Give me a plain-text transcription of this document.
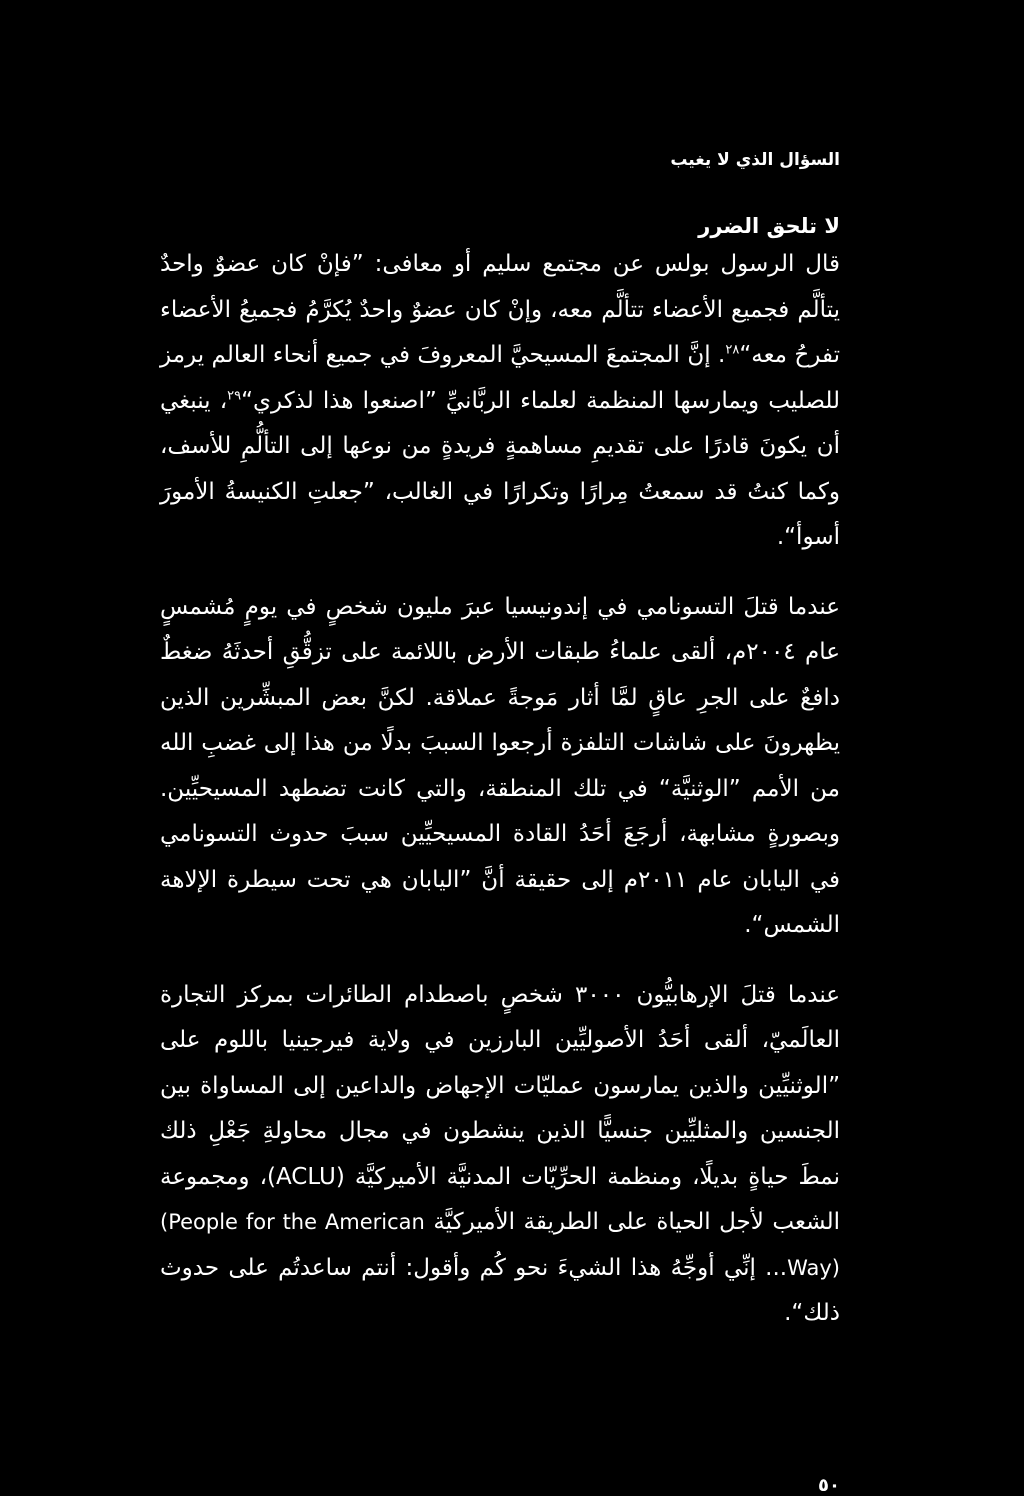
السؤال الذي لا يغيب
لا تلحق الضرر

قال الرسول بولس عن مجتمع سليم أو معافى: ”فإنْ كان عضوٌ واحدٌ يتألَّم فجميع الأعضاء تتألَّم معه، وإنْ كان عضوٌ واحدٌ يُكرَّمُ فجميعُ الأعضاء تفرحُ معه“$^{٢٨}$. إنَّ المجتمعَ المسيحيَّ المعروفَ في جميع أنحاء العالم يرمز للصليب ويمارسها المنظمة لعلماء الربَّانيِّ ”اصنعوا هذا لذكري“$^{٢٩}$، ينبغي أن يكونَ قادرًا على تقديمِ مساهمةٍ فريدةٍ من نوعها إلى التألُّمِ للأسف، وكما كنتُ قد سمعتُ مِرارًا وتكرارًا في الغالب، ”جعلتِ الكنيسةُ الأمورَ أسوأ“.

عندما قتلَ التسونامي في إندونيسيا عبرَ مليون شخصٍ في يومٍ مُشمسٍ عام ٢٠٠٤م، ألقى علماءُ طبقات الأرض باللائمة على تزقُّقِ أحدثَهُ ضغطٌ دافعٌ على الجرِ عاقٍ لمَّا أثار مَوجةً عملاقة. لكنَّ بعض المبشِّرين الذين يظهرونَ على شاشات التلفزة أرجعوا السببَ بدلًا من هذا إلى غضبِ الله من الأمم ”الوثنيَّة“ في تلك المنطقة، والتي كانت تضطهد المسيحيِّين. وبصورةٍ مشابهة، أرجَعَ أحَدُ القادة المسيحيِّين سببَ حدوث التسونامي في اليابان عام ٢٠١١م إلى حقيقة أنَّ ”اليابان هي تحت سيطرة الإلاهة الشمس“.

عندما قتلَ الإرهابيُّون ٣٠٠٠ شخصٍ باصطدام الطائرات بمركز التجارة العالَميّ، ألقى أحَدُ الأصوليِّين البارزين في ولاية فيرجينيا باللوم على ”الوثنيِّين والذين يمارسون عمليّات الإجهاض والداعين إلى المساواة بين الجنسين والمثليِّين جنسيًّا الذين ينشطون في مجال محاولةِ جَعْلِ ذلك نمطَ حياةٍ بديلًا، ومنظمة الحرِّيّات المدنيَّة الأميركيَّة (ACLU)، ومجموعة الشعب لأجل الحياة على الطريقة الأميركيَّة (People for the American Way)... إنِّي أوجِّهُ هذا الشيءَ نحو كُم وأقول: أنتم ساعدتُم على حدوث ذلك“.

٥٠
